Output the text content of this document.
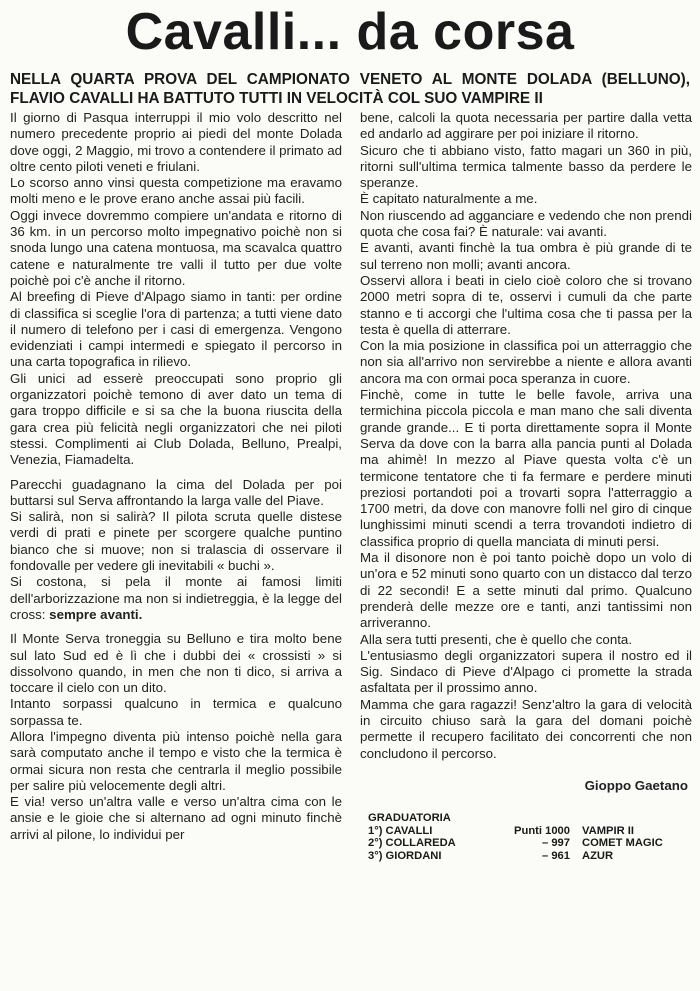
Cavalli... da corsa
NELLA QUARTA PROVA DEL CAMPIONATO VENETO AL MONTE DOLADA (BELLUNO), FLAVIO CAVALLI HA BATTUTO TUTTI IN VELOCITÀ COL SUO VAMPIRE II

Il giorno di Pasqua interruppi il mio volo descritto nel numero precedente proprio ai piedi del monte Dolada dove oggi, 2 Maggio, mi trovo a contendere il primato ad oltre cento piloti veneti e friulani.

Lo scorso anno vinsi questa competizione ma eravamo molti meno e le prove erano anche assai più facili.

Oggi invece dovremmo compiere un'andata e ritorno di 36 km. in un percorso molto impegnativo poichè non si snoda lungo una catena montuosa, ma scavalca quattro catene e naturalmente tre valli il tutto per due volte poichè poi c'è anche il ritorno.

Al breefing di Pieve d'Alpago siamo in tanti: per ordine di classifica si sceglie l'ora di partenza; a tutti viene dato il numero di telefono per i casi di emergenza. Vengono evidenziati i campi intermedi e spiegato il percorso in una carta topografica in rilievo.

Gli unici ad esserè preoccupati sono proprio gli organizzatori poichè temono di aver dato un tema di gara troppo difficile e si sa che la buona riuscita della gara crea più felicità negli organizzatori che nei piloti stessi. Complimenti ai Club Dolada, Belluno, Prealpi, Venezia, Fiamadelta.

Parecchi guadagnano la cima del Dolada per poi buttarsi sul Serva affrontando la larga valle del Piave.

Si salirà, non si salirà? Il pilota scruta quelle distese verdi di prati e pinete per scorgere qualche puntino bianco che si muove; non si tralascia di osservare il fondovalle per vedere gli inevitabili « buchi ».

Si costona, si pela il monte ai famosi limiti dell'arborizzazione ma non si indietreggia, è la legge del cross: sempre avanti.

Il Monte Serva troneggia su Belluno e tira molto bene sul lato Sud ed è lì che i dubbi dei « crossisti » si dissolvono quando, in men che non ti dico, si arriva a toccare il cielo con un dito.

Intanto sorpassi qualcuno in termica e qualcuno sorpassa te.

Allora l'impegno diventa più intenso poichè nella gara sarà computato anche il tempo e visto che la termica è ormai sicura non resta che centrarla il meglio possibile per salire più velocemente degli altri.

E via! verso un'altra valle e verso un'altra cima con le ansie e le gioie che si alternano ad ogni minuto finchè arrivi al pilone, lo individui per

bene, calcoli la quota necessaria per partire dalla vetta ed andarlo ad aggirare per poi iniziare il ritorno.

Sicuro che ti abbiano visto, fatto magari un 360 in più, ritorni sull'ultima termica talmente basso da perdere le speranze.

È capitato naturalmente a me.

Non riuscendo ad agganciare e vedendo che non prendi quota che cosa fai? È naturale: vai avanti.

E avanti, avanti finchè la tua ombra è più grande di te sul terreno non molli; avanti ancora.

Osservi allora i beati in cielo cioè coloro che si trovano 2000 metri sopra di te, osservi i cumuli da che parte stanno e ti accorgi che l'ultima cosa che ti passa per la testa è quella di atterrare.

Con la mia posizione in classifica poi un atterraggio che non sia all'arrivo non servirebbe a niente e allora avanti ancora ma con ormai poca speranza in cuore.

Finchè, come in tutte le belle favole, arriva una termichina piccola piccola e man mano che sali diventa grande grande... E ti porta direttamente sopra il Monte Serva da dove con la barra alla pancia punti al Dolada ma ahimè! In mezzo al Piave questa volta c'è un termicone tentatore che ti fa fermare e perdere minuti preziosi portandoti poi a trovarti sopra l'atterraggio a 1700 metri, da dove con manovre folli nel giro di cinque lunghissimi minuti scendi a terra trovandoti indietro di classifica proprio di quella manciata di minuti persi.

Ma il disonore non è poi tanto poichè dopo un volo di un'ora e 52 minuti sono quarto con un distacco dal terzo di 22 secondi! E a sette minuti dal primo. Qualcuno prenderà delle mezze ore e tanti, anzi tantissimi non arriveranno.

Alla sera tutti presenti, che è quello che conta.

L'entusiasmo degli organizzatori supera il nostro ed il Sig. Sindaco di Pieve d'Alpago ci promette la strada asfaltata per il prossimo anno.

Mamma che gara ragazzi! Senz'altro la gara di velocità in circuito chiuso sarà la gara del domani poichè permette il recupero facilitato dei concorrenti che non concludono il percorso.

Gioppo Gaetano
GRADUATORIA
1°) CAVALLI	Punti 1000	VAMPIR II
2°) COLLAREDA	– 997	COMET MAGIC
3°) GIORDANI	– 961	AZUR
